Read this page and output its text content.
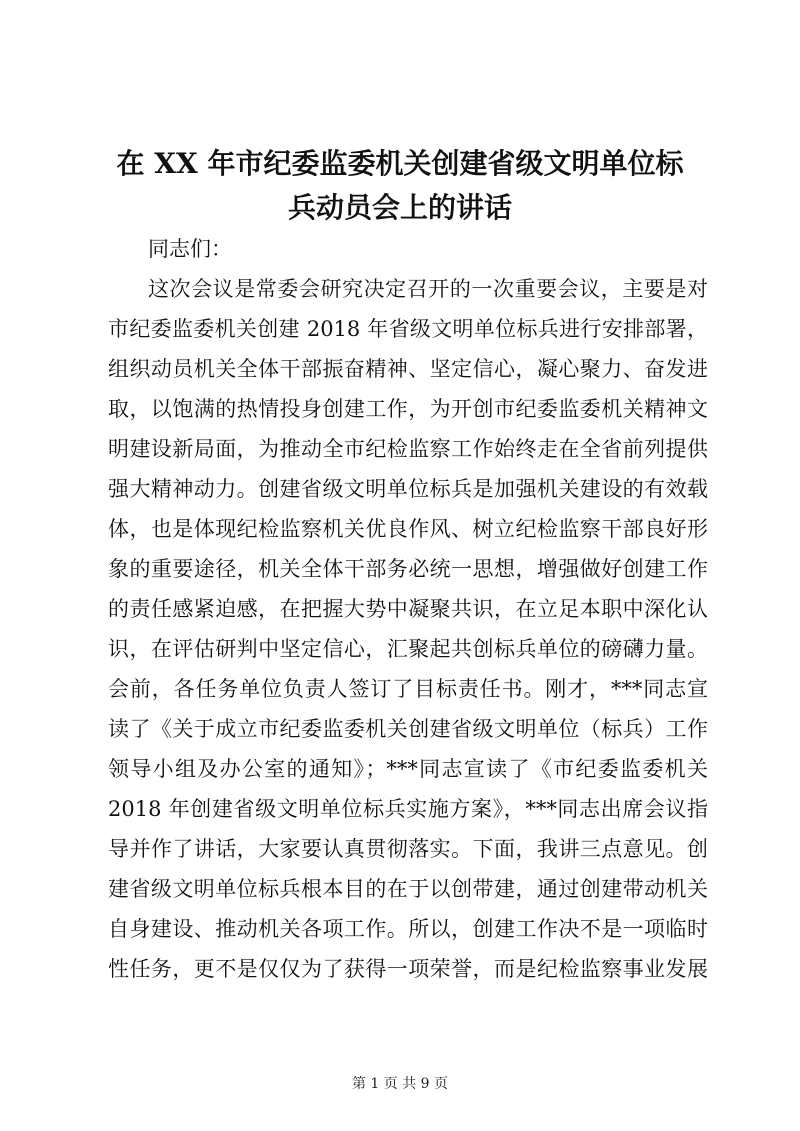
在 XX 年市纪委监委机关创建省级文明单位标
兵动员会上的讲话
同志们：
这次会议是常委会研究决定召开的一次重要会议，主要是对
市纪委监委机关创建 2018 年省级文明单位标兵进行安排部署，
组织动员机关全体干部振奋精神、坚定信心，凝心聚力、奋发进
取，以饱满的热情投身创建工作，为开创市纪委监委机关精神文
明建设新局面，为推动全市纪检监察工作始终走在全省前列提供
强大精神动力。创建省级文明单位标兵是加强机关建设的有效载
体，也是体现纪检监察机关优良作风、树立纪检监察干部良好形
象的重要途径，机关全体干部务必统一思想，增强做好创建工作
的责任感紧迫感，在把握大势中凝聚共识，在立足本职中深化认
识，在评估研判中坚定信心，汇聚起共创标兵单位的磅礴力量。
会前，各任务单位负责人签订了目标责任书。刚才，***同志宣
读了《关于成立市纪委监委机关创建省级文明单位（标兵）工作
领导小组及办公室的通知》；***同志宣读了《市纪委监委机关
2018 年创建省级文明单位标兵实施方案》，***同志出席会议指
导并作了讲话，大家要认真贯彻落实。下面，我讲三点意见。创
建省级文明单位标兵根本目的在于以创带建，通过创建带动机关
自身建设、推动机关各项工作。所以，创建工作决不是一项临时
性任务，更不是仅仅为了获得一项荣誉，而是纪检监察事业发展
第 1 页 共 9 页
